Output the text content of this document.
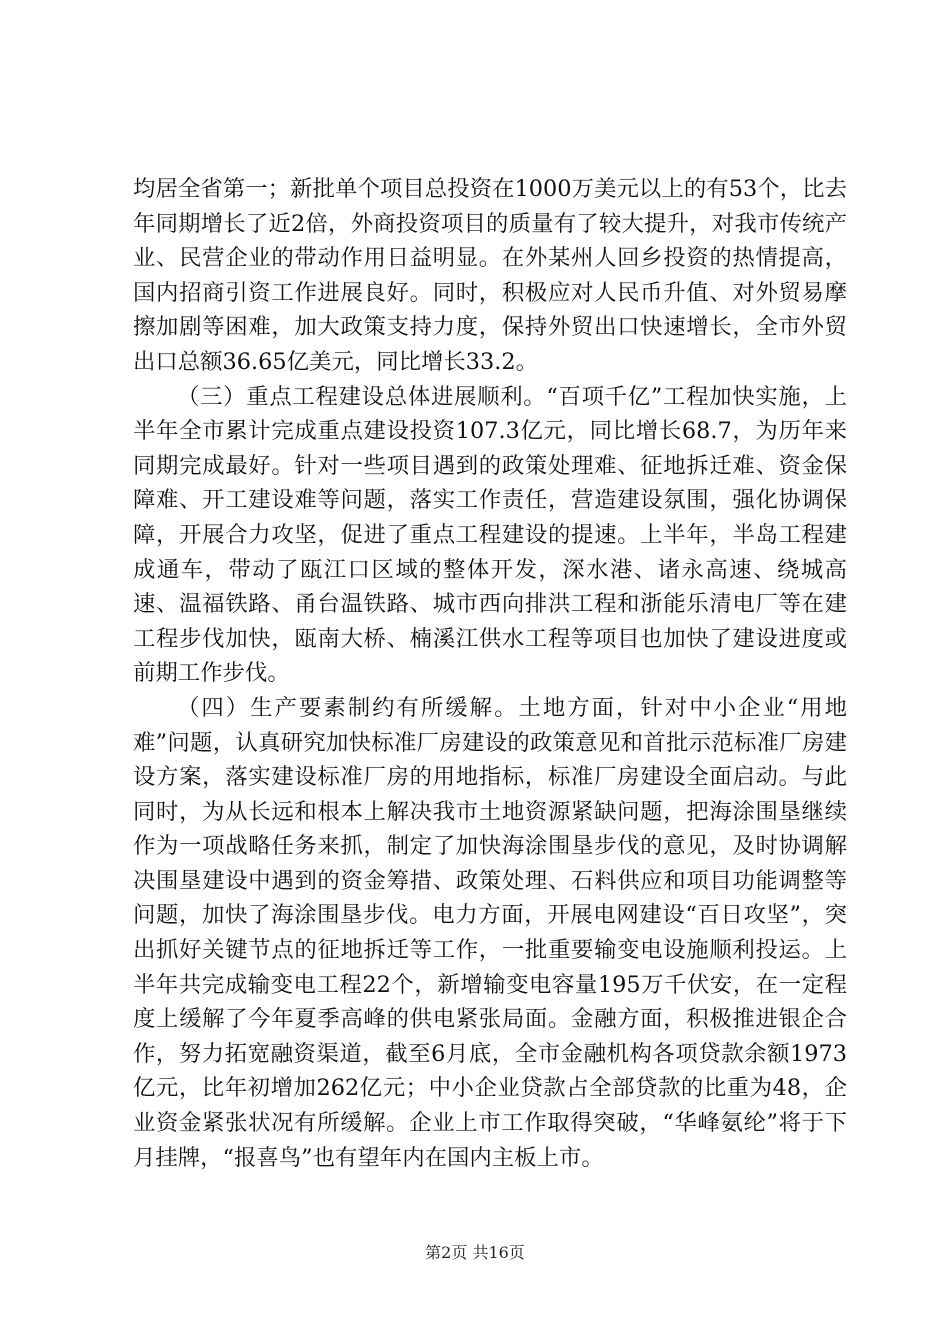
均居全省第一；新批单个项目总投资在1000万美元以上的有53个，比去年同期增长了近2倍，外商投资项目的质量有了较大提升，对我市传统产业、民营企业的带动作用日益明显。在外某州人回乡投资的热情提高，国内招商引资工作进展良好。同时，积极应对人民币升值、对外贸易摩擦加剧等困难，加大政策支持力度，保持外贸出口快速增长，全市外贸出口总额36.65亿美元，同比增长33.2。

（三）重点工程建设总体进展顺利。“百项千亿”工程加快实施，上半年全市累计完成重点建设投资107.3亿元，同比增长68.7，为历年来同期完成最好。针对一些项目遇到的政策处理难、征地拆迁难、资金保障难、开工建设难等问题，落实工作责任，营造建设氛围，强化协调保障，开展合力攻坚，促进了重点工程建设的提速。上半年，半岛工程建成通车，带动了瓯江口区域的整体开发，深水港、诸永高速、绕城高速、温福铁路、甬台温铁路、城市西向排洪工程和浙能乐清电厂等在建工程步伐加快，瓯南大桥、楠溪江供水工程等项目也加快了建设进度或前期工作步伐。

（四）生产要素制约有所缓解。土地方面，针对中小企业“用地难”问题，认真研究加快标准厂房建设的政策意见和首批示范标准厂房建设方案，落实建设标准厂房的用地指标，标准厂房建设全面启动。与此同时，为从长远和根本上解决我市土地资源紧缺问题，把海涂围垦继续作为一项战略任务来抓，制定了加快海涂围垦步伐的意见，及时协调解决围垦建设中遇到的资金筹措、政策处理、石料供应和项目功能调整等问题，加快了海涂围垦步伐。电力方面，开展电网建设“百日攻坚”，突出抓好关键节点的征地拆迁等工作，一批重要输变电设施顺利投运。上半年共完成输变电工程22个，新增输变电容量195万千伏安，在一定程度上缓解了今年夏季高峰的供电紧张局面。金融方面，积极推进银企合作，努力拓宽融资渠道，截至6月底，全市金融机构各项贷款余额1973亿元，比年初增加262亿元；中小企业贷款占全部贷款的比重为48，企业资金紧张状况有所缓解。企业上市工作取得突破，“华峰氨纶”将于下月挂牌，“报喜鸟”也有望年内在国内主板上市。

第2页 共16页
